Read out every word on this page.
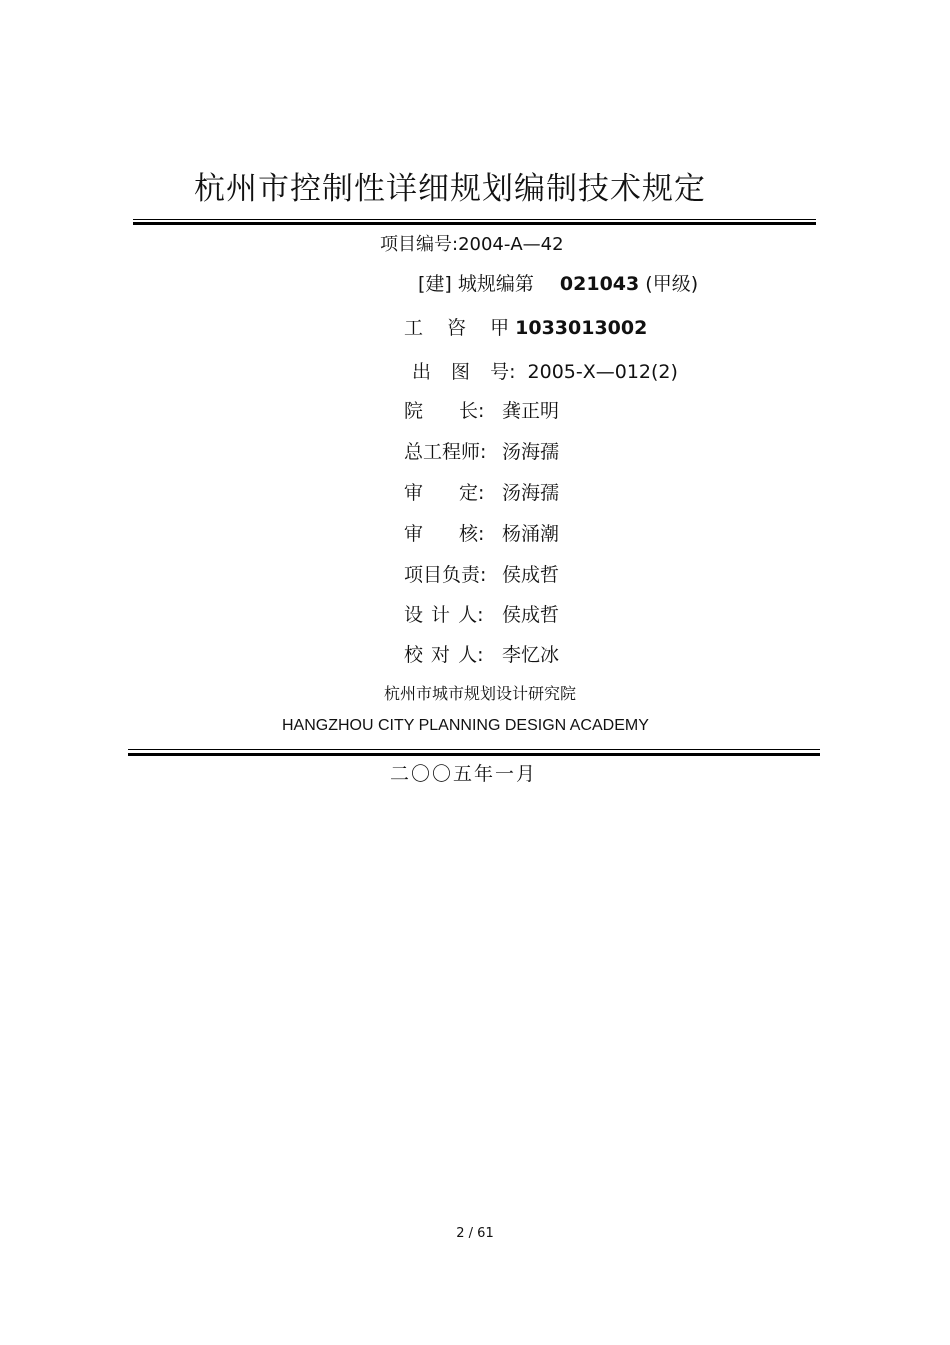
杭州市控制性详细规划编制技术规定
项目编号:2004-A—42
[建] 城规编第 021043 (甲级)
工 咨 甲 1033013002
出 图 号: 2005-X—012(2)
院 长: 龚正明
总工程师: 汤海孺
审 定: 汤海孺
审 核: 杨涌潮
项目负责: 侯成哲
设 计 人: 侯成哲
校 对 人: 李忆冰
杭州市城市规划设计研究院
HANGZHOU CITY PLANNING DESIGN ACADEMY
二〇〇五年一月
2 / 61
